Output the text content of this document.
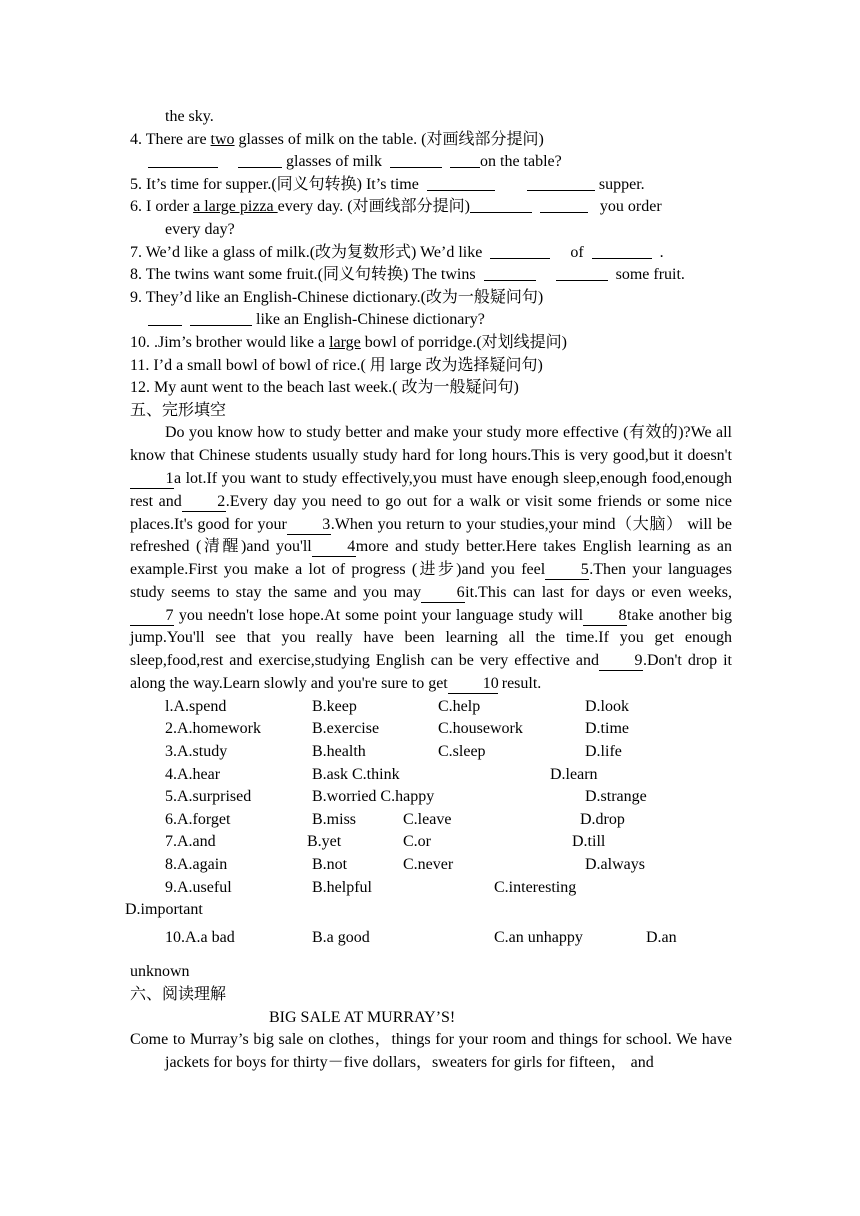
the sky.
4. There are two glasses of milk on the table. (对画线部分提问)
glasses of milk	on the table?
5. It’s time for supper.(同义句转换) It’s time	supper.
6. I order a large pizza every day. (对画线部分提问)	you order
every day?
7. We’d like a glass of milk.(改为复数形式) We’d like	of	.
8. The twins want some fruit.(同义句转换) The twins	some fruit.
9. They’d like an English-Chinese dictionary.(改为一般疑问句)
like an English-Chinese dictionary?
10. .Jim’s brother would like a large bowl of porridge.(对划线提问)
11. I’d a small bowl of bowl of rice.( 用 large 改为选择疑问句)
12. My aunt went to the beach last week.( 改为一般疑问句)
五、完形填空

Do you know how to study better and make your study more effective (有效的)?We all know that Chinese students usually study hard for long hours.This is very good,but it doesn't1a lot.If you want to study effectively,you must have enough sleep,enough food,enough rest and 2.Every day you need to go out for a walk or visit some friends or some nice places.It's good for your 3.When you return to your studies,your mind（大脑） will be refreshed (清醒)and you'll 4more and study better.Here takes English learning as an example.First you make a lot of progress (进步)and you feel 5.Then your languages study seems to stay the same and you may 6it.This can last for days or even weeks,7 you needn't lose hope.At some point your language study will 8take another big jump.You'll see that you really have been learning all the time.If you get enough sleep,food,rest and exercise,studying English can be very effective and 9.Don't drop it along the way.Learn slowly and you're sure to get 10 result.

l.A.spend	B.keep	C.help	D.look
2.A.homework	B.exercise	C.housework	D.time
3.A.study	B.health	C.sleep	D.life
4.A.hear	B.ask C.think	D.learn
5.A.surprised	B.worried C.happy	D.strange
6.A.forget	B.miss	C.leave	D.drop
7.A.and	B.yet	C.or	D.till
8.A.again	B.not	C.never	D.always
9.A.useful	B.helpful	C.interesting
D.important
10.A.a bad	B.a good	C.an unhappy	D.an
unknown
六、阅读理解
BIG SALE AT MURRAY’S!
Come to Murray’s big sale on clothes，things for your room and things for school. We have jackets for boys for thirty－five dollars，sweaters for girls for fifteen， and
